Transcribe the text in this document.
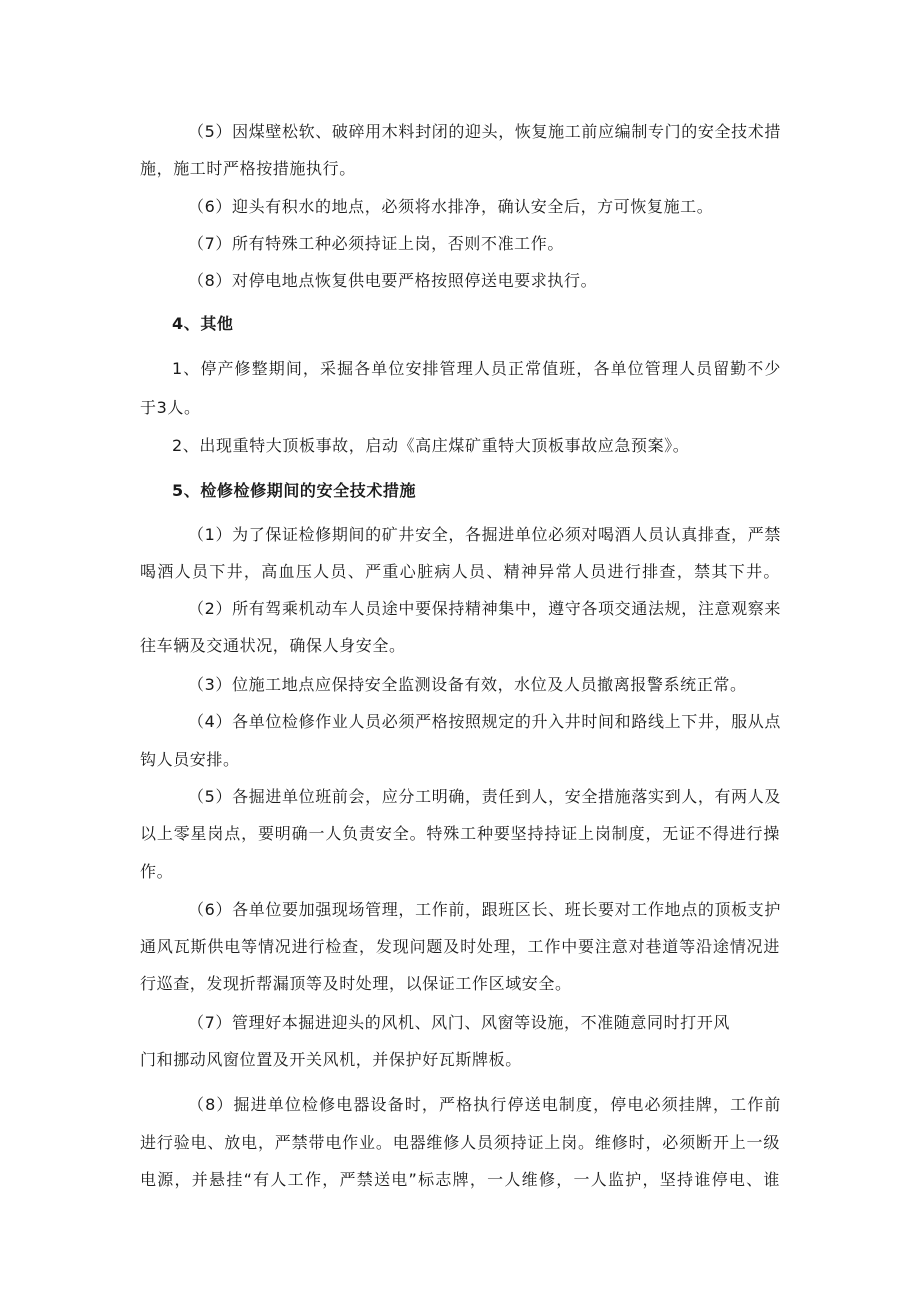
（5）因煤壁松软、破碎用木料封闭的迎头，恢复施工前应编制专门的安全技术措
施，施工时严格按措施执行。
（6）迎头有积水的地点，必须将水排净，确认安全后，方可恢复施工。
（7）所有特殊工种必须持证上岗，否则不准工作。
（8）对停电地点恢复供电要严格按照停送电要求执行。
4、其他
1、停产修整期间，采掘各单位安排管理人员正常值班，各单位管理人员留勤不少
于3人。
2、出现重特大顶板事故，启动《高庄煤矿重特大顶板事故应急预案》。
5、检修检修期间的安全技术措施
（1）为了保证检修期间的矿井安全，各掘进单位必须对喝酒人员认真排查，严禁
喝酒人员下井，高血压人员、严重心脏病人员、精神异常人员进行排查，禁其下井。
（2）所有驾乘机动车人员途中要保持精神集中，遵守各项交通法规，注意观察来
往车辆及交通状况，确保人身安全。
（3）位施工地点应保持安全监测设备有效，水位及人员撤离报警系统正常。
（4）各单位检修作业人员必须严格按照规定的升入井时间和路线上下井，服从点
钩人员安排。
（5）各掘进单位班前会，应分工明确，责任到人，安全措施落实到人，有两人及
以上零星岗点，要明确一人负责安全。特殊工种要坚持持证上岗制度，无证不得进行操
作。
（6）各单位要加强现场管理，工作前，跟班区长、班长要对工作地点的顶板支护
通风瓦斯供电等情况进行检查，发现问题及时处理，工作中要注意对巷道等沿途情况进
行巡查，发现折帮漏顶等及时处理，以保证工作区域安全。
（7）管理好本掘进迎头的风机、风门、风窗等设施，不准随意同时打开风
门和挪动风窗位置及开关风机，并保护好瓦斯牌板。
（8）掘进单位检修电器设备时，严格执行停送电制度，停电必须挂牌，工作前
进行验电、放电，严禁带电作业。电器维修人员须持证上岗。维修时，必须断开上一级
电源，并悬挂“有人工作，严禁送电”标志牌，一人维修，一人监护，坚持谁停电、谁
